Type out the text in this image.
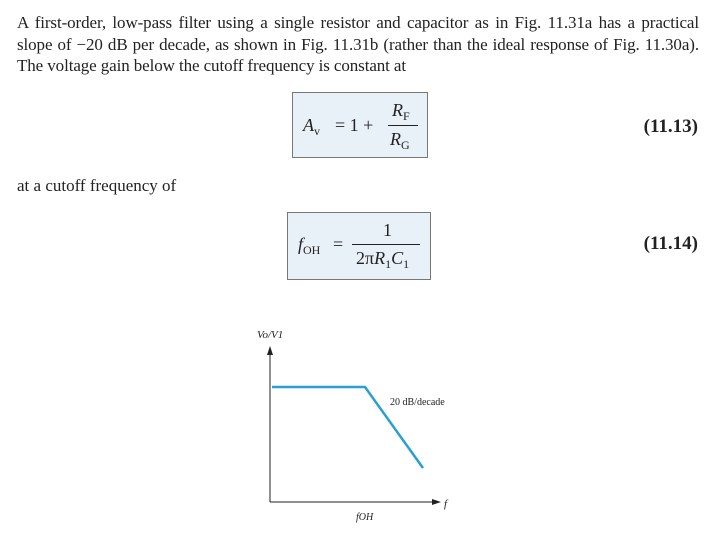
A first-order, low-pass filter using a single resistor and capacitor as in Fig. 11.31a has a practical slope of −20 dB per decade, as shown in Fig. 11.31b (rather than the ideal response of Fig. 11.30a). The voltage gain below the cutoff frequency is constant at

$A_v = 1$ +
$R_F$
$R_G$
(11.13)

at a cutoff frequency of

$f_{OH}$ =
1
$2\pi R_1C_1$
(11.14)
Vo/V1
f
fOH
20 dB/decade
